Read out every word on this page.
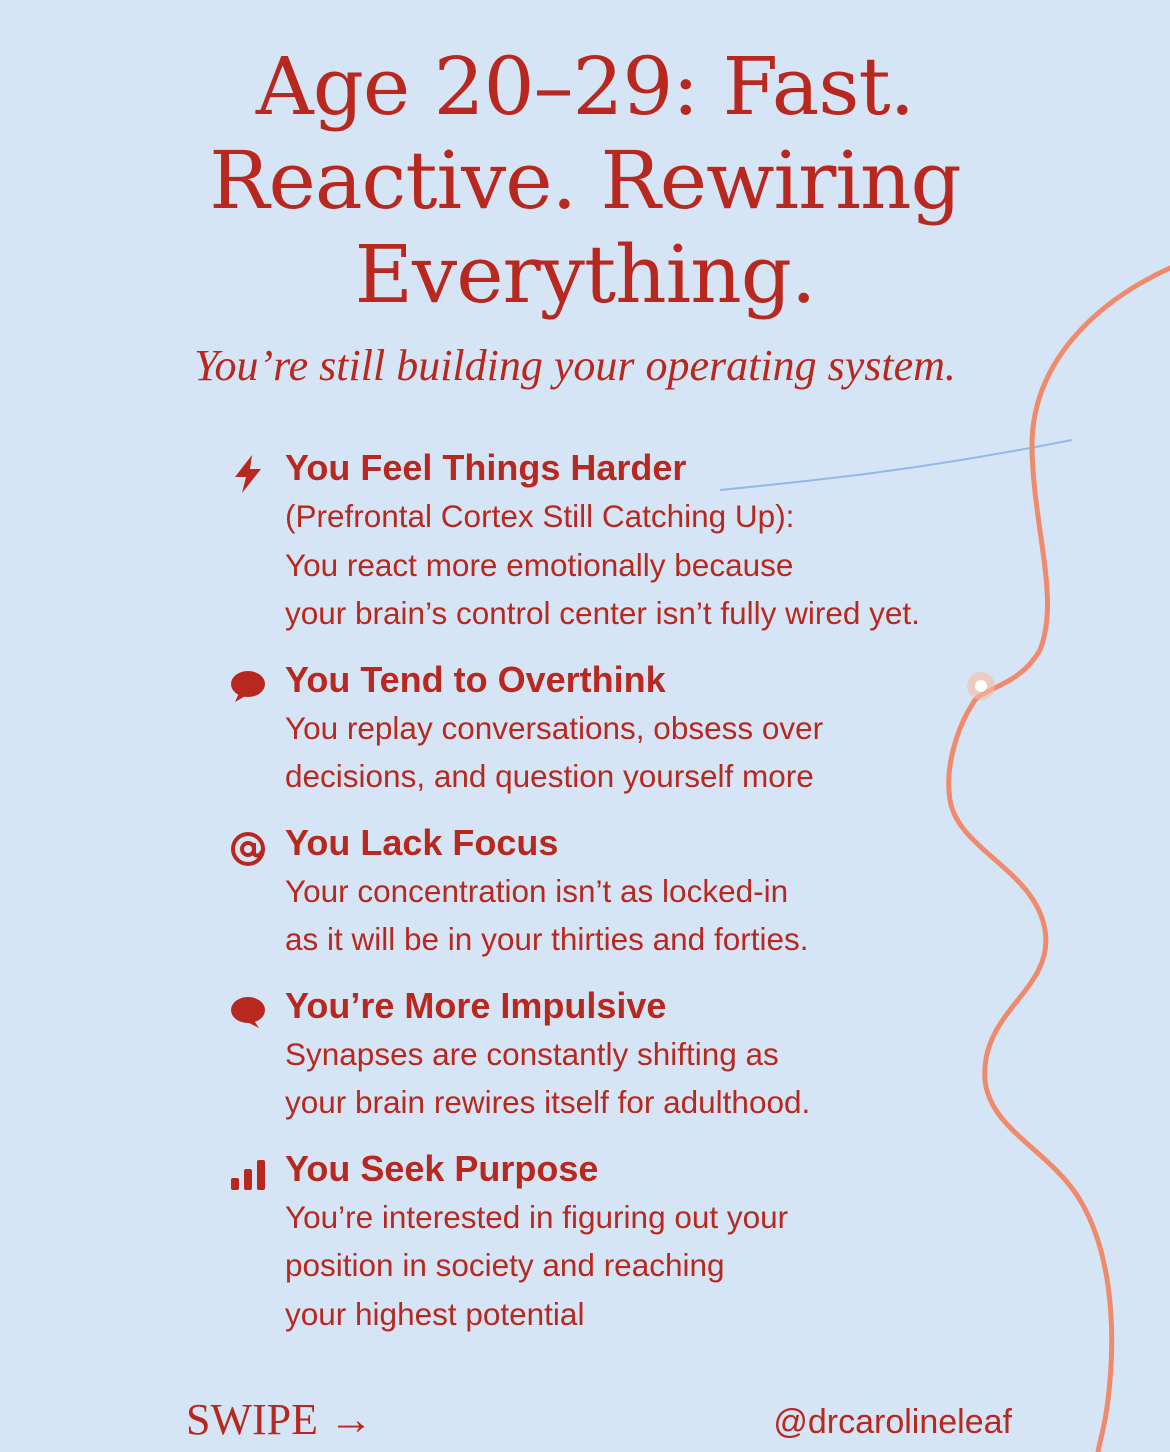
Age 20–29: Fast.
Reactive. Rewiring
Everything.

You’re still building your operating system.

You Feel Things Harder

(Prefrontal Cortex Still Catching Up):
You react more emotionally because
your brain’s control center isn’t fully wired yet.

You Tend to Overthink

You replay conversations, obsess over
decisions, and question yourself more

You Lack Focus

Your concentration isn’t as locked-in
as it will be in your thirties and forties.

You’re More Impulsive

Synapses are constantly shifting as
your brain rewires itself for adulthood.

You Seek Purpose

You’re interested in figuring out your
position in society and reaching
your highest potential

SWIPE →	@drcarolineleaf
